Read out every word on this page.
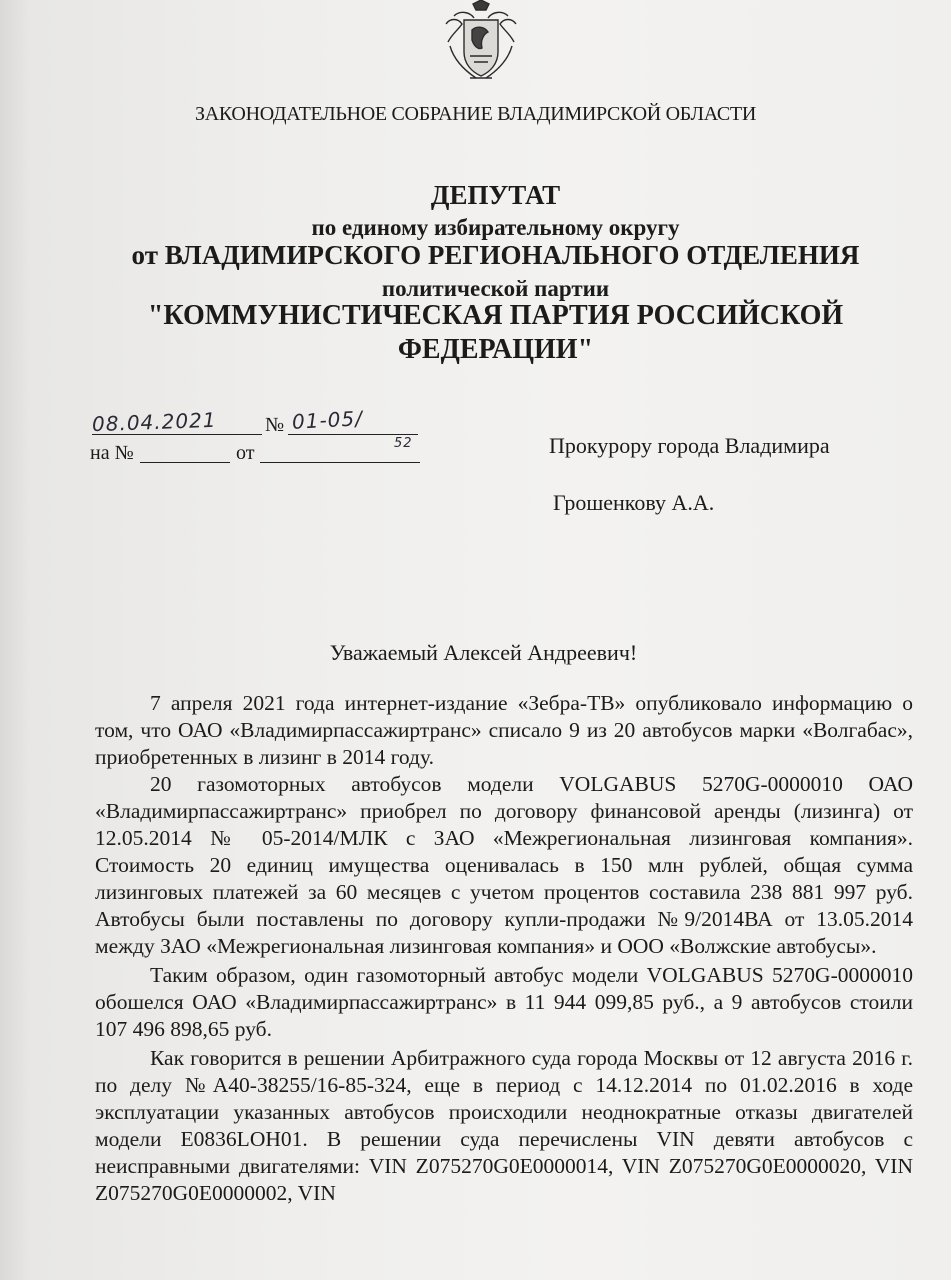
ЗАКОНОДАТЕЛЬНОЕ СОБРАНИЕ ВЛАДИМИРСКОЙ ОБЛАСТИ
ДЕПУТАТ
по единому избирательному округу
от ВЛАДИМИРСКОГО РЕГИОНАЛЬНОГО ОТДЕЛЕНИЯ
политической партии
"КОММУНИСТИЧЕСКАЯ ПАРТИЯ РОССИЙСКОЙ
ФЕДЕРАЦИИ"
08.04.2021 № 01-05/
52
на №	от	Прокурору города Владимира
Грошенкову А.А.
Уважаемый Алексей Андреевич!

7 апреля 2021 года интернет-издание «Зебра-ТВ» опубликовало информацию о том, что ОАО «Владимирпассажиртранс» списало 9 из 20 автобусов марки «Волгабас», приобретенных в лизинг в 2014 году.

20 газомоторных автобусов модели VOLGABUS 5270G-0000010 ОАО «Владимирпассажиртранс» приобрел по договору финансовой аренды (лизинга) от 12.05.2014 № 05-2014/МЛК с ЗАО «Межрегиональная лизинговая компания». Стоимость 20 единиц имущества оценивалась в 150 млн рублей, общая сумма лизинговых платежей за 60 месяцев с учетом процентов составила 238 881 997 руб. Автобусы были поставлены по договору купли-продажи №9/2014ВА от 13.05.2014 между ЗАО «Межрегиональная лизинговая компания» и ООО «Волжские автобусы».

Таким образом, один газомоторный автобус модели VOLGABUS 5270G-0000010 обошелся ОАО «Владимирпассажиртранс» в 11 944 099,85 руб., а 9 автобусов стоили 107 496 898,65 руб.

Как говорится в решении Арбитражного суда города Москвы от 12 августа 2016 г. по делу №А40-38255/16-85-324, еще в период с 14.12.2014 по 01.02.2016 в ходе эксплуатации указанных автобусов происходили неоднократные отказы двигателей модели E0836LOH01. В решении суда перечислены VIN девяти автобусов с неисправными двигателями: VIN Z075270G0E0000014, VIN Z075270G0E0000020, VIN Z075270G0E0000002, VIN
